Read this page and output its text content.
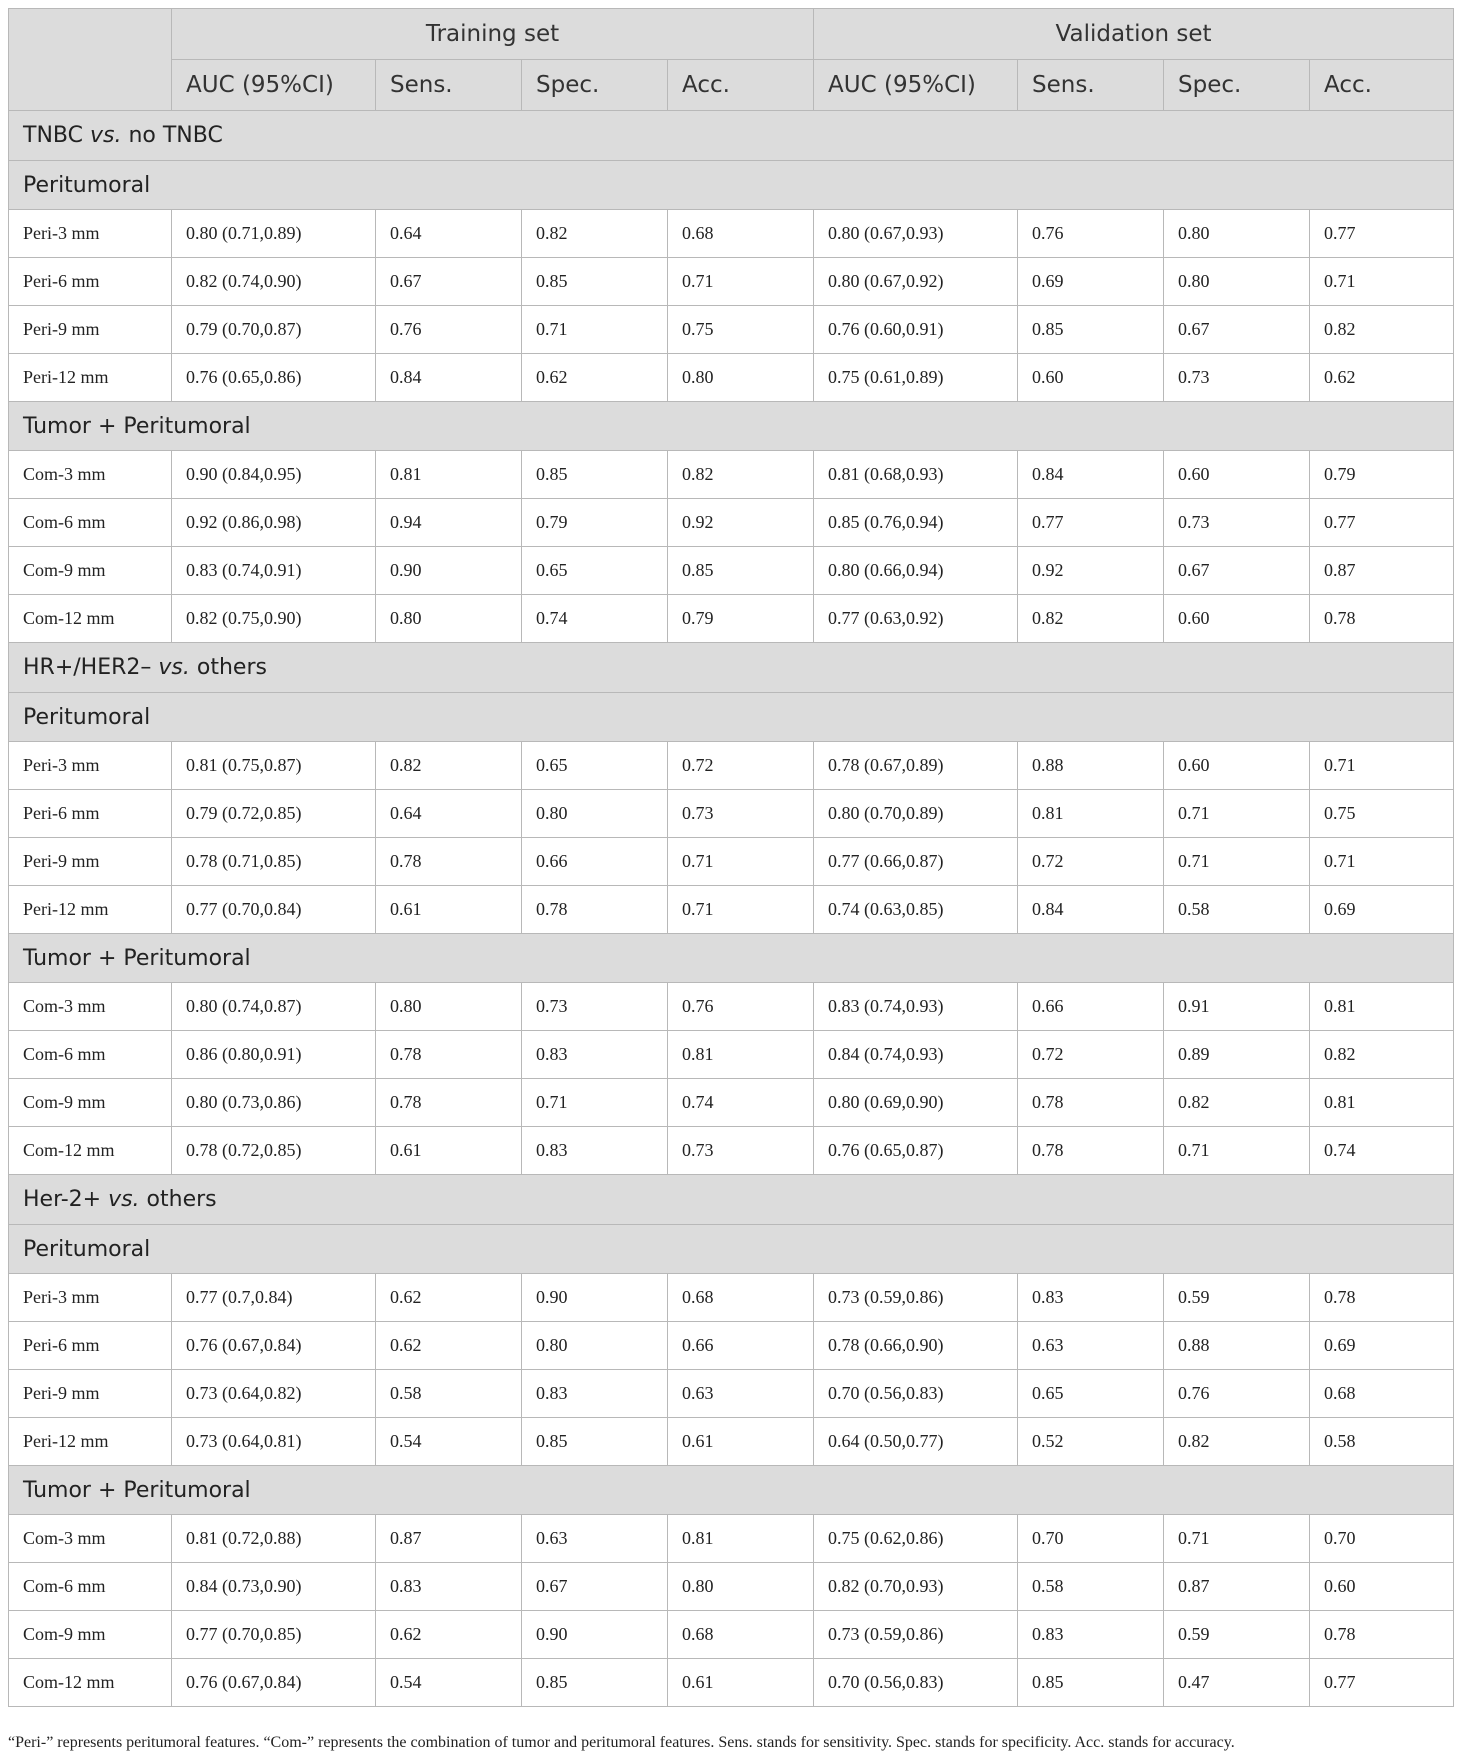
	Training set				Validation set			
	AUC (95%CI)	Sens.	Spec.	Acc.	AUC (95%CI)	Sens.	Spec.	Acc.
TNBC vs. no TNBC								
Peritumoral								
Peri-3 mm	0.80 (0.71,0.89)	0.64	0.82	0.68	0.80 (0.67,0.93)	0.76	0.80	0.77
Peri-6 mm	0.82 (0.74,0.90)	0.67	0.85	0.71	0.80 (0.67,0.92)	0.69	0.80	0.71
Peri-9 mm	0.79 (0.70,0.87)	0.76	0.71	0.75	0.76 (0.60,0.91)	0.85	0.67	0.82
Peri-12 mm	0.76 (0.65,0.86)	0.84	0.62	0.80	0.75 (0.61,0.89)	0.60	0.73	0.62
Tumor + Peritumoral								
Com-3 mm	0.90 (0.84,0.95)	0.81	0.85	0.82	0.81 (0.68,0.93)	0.84	0.60	0.79
Com-6 mm	0.92 (0.86,0.98)	0.94	0.79	0.92	0.85 (0.76,0.94)	0.77	0.73	0.77
Com-9 mm	0.83 (0.74,0.91)	0.90	0.65	0.85	0.80 (0.66,0.94)	0.92	0.67	0.87
Com-12 mm	0.82 (0.75,0.90)	0.80	0.74	0.79	0.77 (0.63,0.92)	0.82	0.60	0.78
HR+/HER2– vs. others								
Peritumoral								
Peri-3 mm	0.81 (0.75,0.87)	0.82	0.65	0.72	0.78 (0.67,0.89)	0.88	0.60	0.71
Peri-6 mm	0.79 (0.72,0.85)	0.64	0.80	0.73	0.80 (0.70,0.89)	0.81	0.71	0.75
Peri-9 mm	0.78 (0.71,0.85)	0.78	0.66	0.71	0.77 (0.66,0.87)	0.72	0.71	0.71
Peri-12 mm	0.77 (0.70,0.84)	0.61	0.78	0.71	0.74 (0.63,0.85)	0.84	0.58	0.69
Tumor + Peritumoral								
Com-3 mm	0.80 (0.74,0.87)	0.80	0.73	0.76	0.83 (0.74,0.93)	0.66	0.91	0.81
Com-6 mm	0.86 (0.80,0.91)	0.78	0.83	0.81	0.84 (0.74,0.93)	0.72	0.89	0.82
Com-9 mm	0.80 (0.73,0.86)	0.78	0.71	0.74	0.80 (0.69,0.90)	0.78	0.82	0.81
Com-12 mm	0.78 (0.72,0.85)	0.61	0.83	0.73	0.76 (0.65,0.87)	0.78	0.71	0.74
Her-2+ vs. others								
Peritumoral								
Peri-3 mm	0.77 (0.7,0.84)	0.62	0.90	0.68	0.73 (0.59,0.86)	0.83	0.59	0.78
Peri-6 mm	0.76 (0.67,0.84)	0.62	0.80	0.66	0.78 (0.66,0.90)	0.63	0.88	0.69
Peri-9 mm	0.73 (0.64,0.82)	0.58	0.83	0.63	0.70 (0.56,0.83)	0.65	0.76	0.68
Peri-12 mm	0.73 (0.64,0.81)	0.54	0.85	0.61	0.64 (0.50,0.77)	0.52	0.82	0.58
Tumor + Peritumoral								
Com-3 mm	0.81 (0.72,0.88)	0.87	0.63	0.81	0.75 (0.62,0.86)	0.70	0.71	0.70
Com-6 mm	0.84 (0.73,0.90)	0.83	0.67	0.80	0.82 (0.70,0.93)	0.58	0.87	0.60
Com-9 mm	0.77 (0.70,0.85)	0.62	0.90	0.68	0.73 (0.59,0.86)	0.83	0.59	0.78
Com-12 mm	0.76 (0.67,0.84)	0.54	0.85	0.61	0.70 (0.56,0.83)	0.85	0.47	0.77
“Peri-” represents peritumoral features. “Com-” represents the combination of tumor and peritumoral features. Sens. stands for sensitivity. Spec. stands for specificity. Acc. stands for accuracy.
